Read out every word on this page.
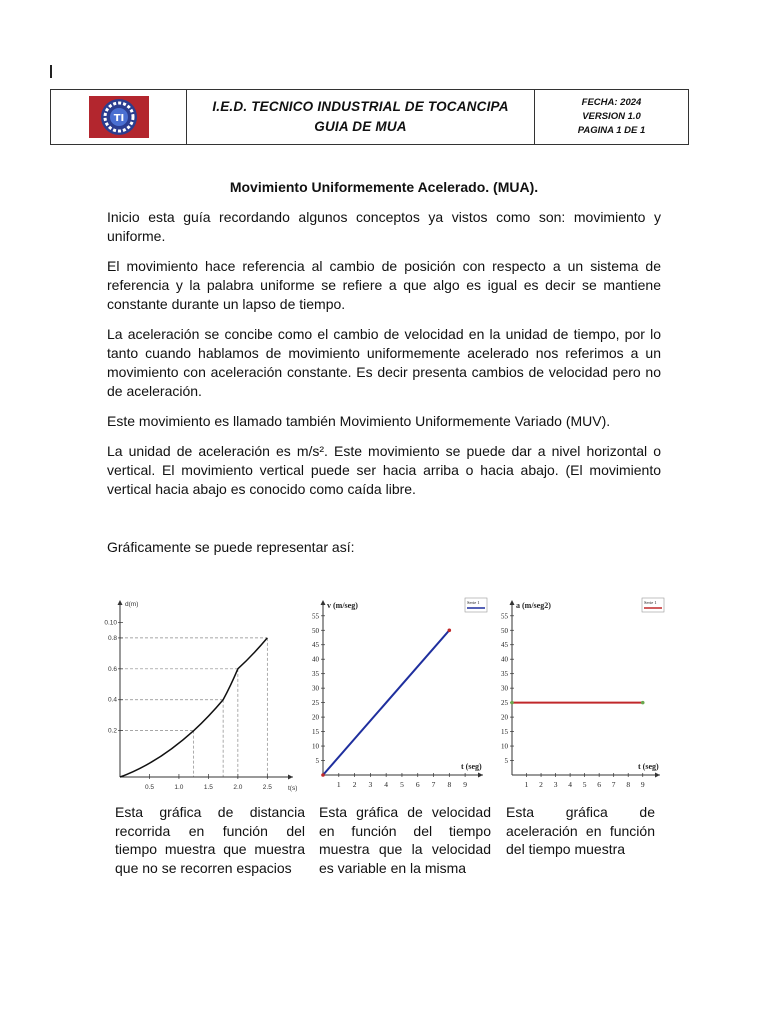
TI
I.E.D. TECNICO INDUSTRIAL DE TOCANCIPA
GUIA DE MUA
FECHA: 2024
VERSION 1.0
PAGINA 1 DE 1
Movimiento Uniformemente Acelerado. (MUA).

Inicio esta guía recordando algunos conceptos ya vistos como son: movimiento y uniforme.

El movimiento hace referencia al cambio de posición con respecto a un sistema de referencia y la palabra uniforme se refiere a que algo es igual es decir se mantiene constante durante un lapso de tiempo.

La aceleración se concibe como el cambio de velocidad en la unidad de tiempo, por lo tanto cuando hablamos de movimiento uniformemente acelerado nos referimos a un movimiento con aceleración constante. Es decir presenta cambios de velocidad pero no de aceleración.

Este movimiento es llamado también Movimiento Uniformemente Variado (MUV).

La unidad de aceleración es m/s². Este movimiento se puede dar a nivel horizontal o vertical. El movimiento vertical puede ser hacia arriba o hacia abajo. (El movimiento vertical hacia abajo es conocido como caída libre.

Gráficamente se puede representar así:

0.5	1.0	1.5	2.0	2.5
0.2
0.4
0.6
0.8
0.10
d(m)
t(s)
5
10
15
20
25
30
35
40
45
50
55
1 2 3 4 5 6 7 8 9
v (m/seg)
t (seg)
Serie 1
5
10
15
20
25
30
35
40
45
50
55
1 2 3 4 5 6 7 8 9
a (m/seg2)
t (seg)
Serie 1

Esta gráfica de distancia recorrida en función del tiempo muestra que muestra que no se recorren espacios

Esta gráfica de velocidad en función del tiempo muestra que la velocidad es variable en la misma

Esta gráfica de aceleración en función del tiempo muestra
